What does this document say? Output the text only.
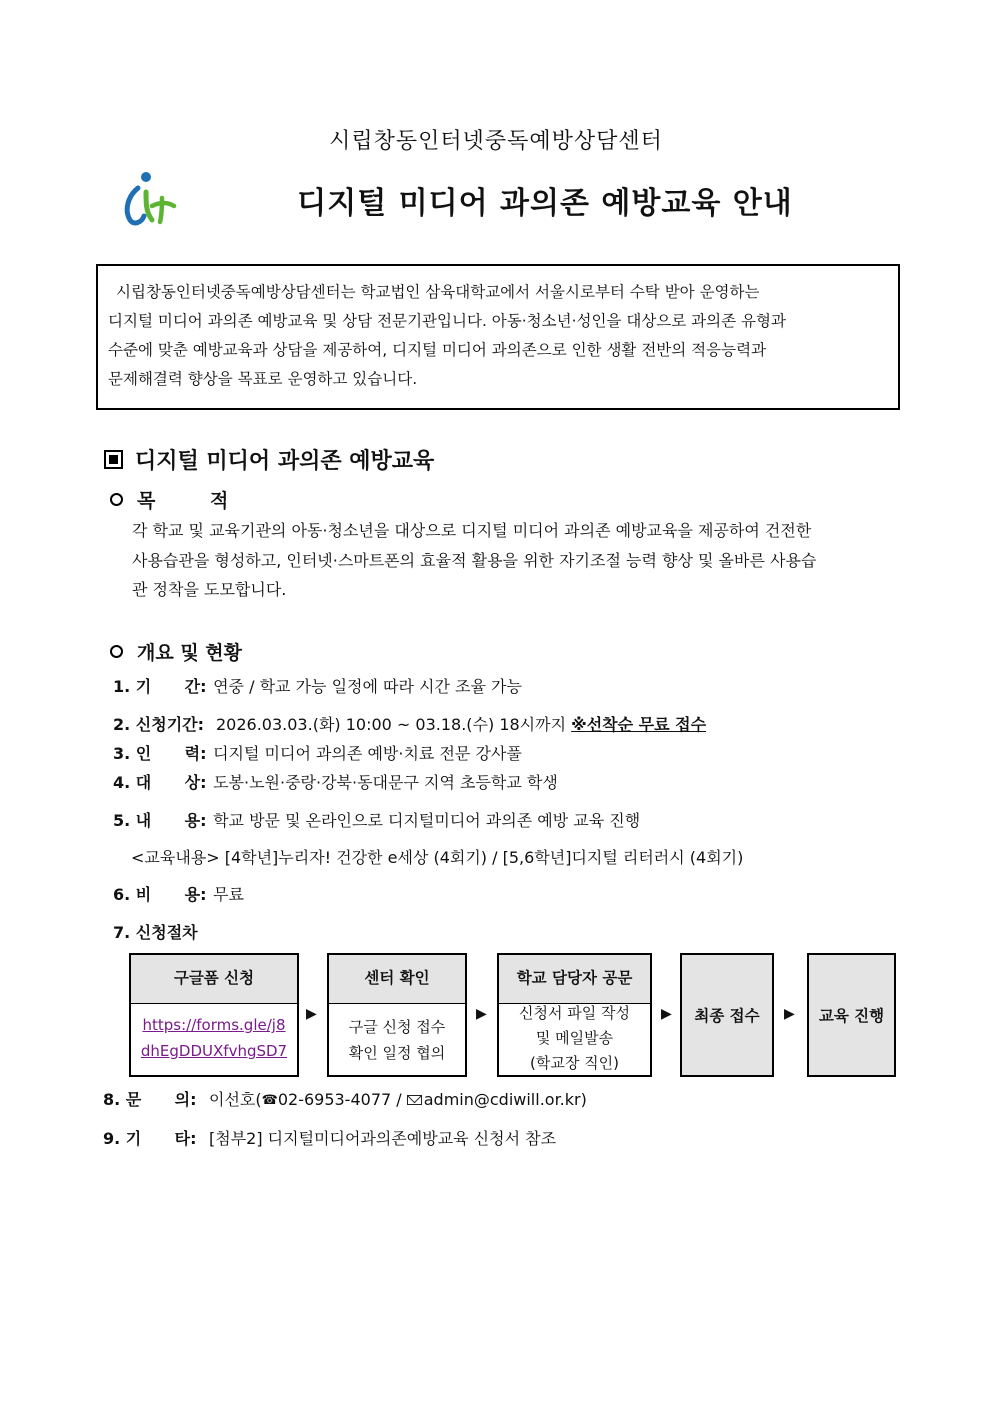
시립창동인터넷중독예방상담센터
디지털 미디어 과의존 예방교육 안내
시립창동인터넷중독예방상담센터는 학교법인 삼육대학교에서 서울시로부터 수탁 받아 운영하는
디지털 미디어 과의존 예방교육 및 상담 전문기관입니다. 아동·청소년·성인을 대상으로 과의존 유형과
수준에 맞춘 예방교육과 상담을 제공하여, 디지털 미디어 과의존으로 인한 생활 전반의 적응능력과
문제해결력 향상을 목표로 운영하고 있습니다.
디지털 미디어 과의존 예방교육
목 적
각 학교 및 교육기관의 아동·청소년을 대상으로 디지털 미디어 과의존 예방교육을 제공하여 건전한
사용습관을 형성하고, 인터넷·스마트폰의 효율적 활용을 위한 자기조절 능력 향상 및 올바른 사용습
관 정착을 도모합니다.
개요 및 현황
1. 기      간: 연중 / 학교 가능 일정에 따라 시간 조율 가능
2. 신청기간: 2026.03.03.(화) 10:00 ~ 03.18.(수) 18시까지 ※선착순 무료 접수
3. 인      력: 디지털 미디어 과의존 예방·치료 전문 강사풀
4. 대      상: 도봉·노원·중랑·강북·동대문구 지역 초등학교 학생
5. 내      용: 학교 방문 및 온라인으로 디지털미디어 과의존 예방 교육 진행
<교육내용> [4학년]누리자! 건강한 e세상 (4회기) / [5,6학년]디지털 리터러시 (4회기)
6. 비      용: 무료
7. 신청절차
구글폼 신청
https://forms.gle/j8
dhEgDDUXfvhgSD7
▶
센터 확인
구글 신청 접수
확인 일정 협의
▶
학교 담당자 공문
신청서 파일 작성
및 메일발송
(학교장 직인)
▶ 최종 접수 ▶ 교육 진행
8. 문      의: 이선호(☎02-6953-4077 / admin@cdiwill.or.kr)
9. 기      타: [첨부2] 디지털미디어과의존예방교육 신청서 참조
